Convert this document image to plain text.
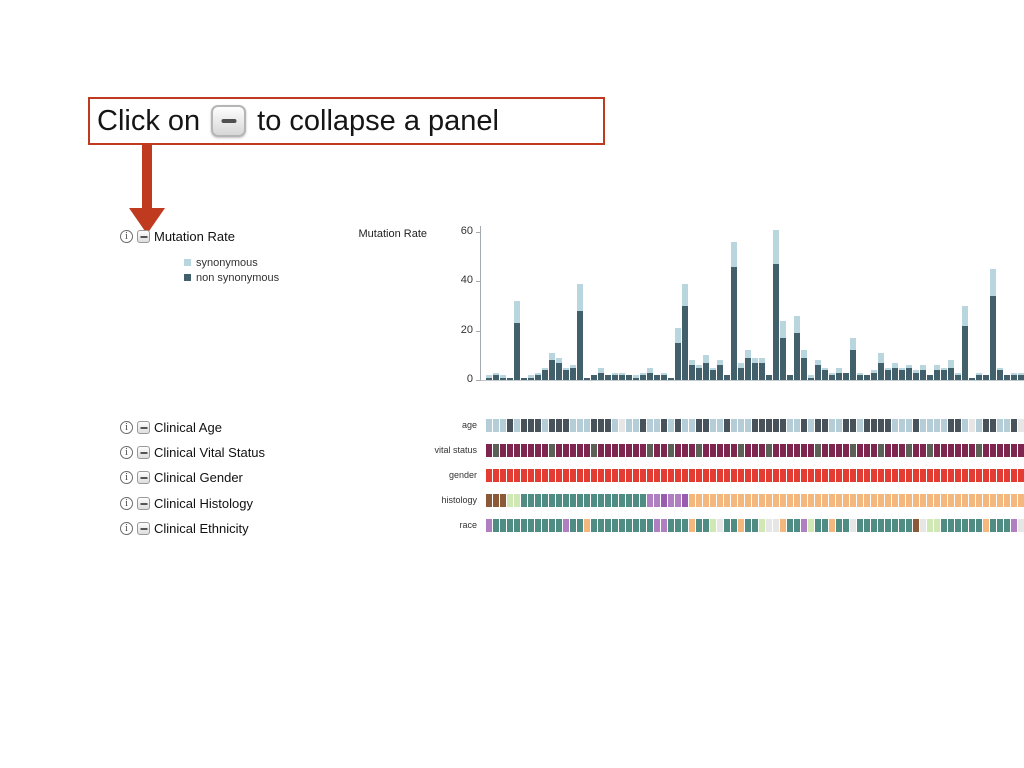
Click on to collapse a panel
i	Mutation Rate
synonymous
non synonymous
i	Clinical Age
i	Clinical Vital Status
i	Clinical Gender
i	Clinical Histology
i	Clinical Ethnicity
Mutation Rate
0
20
40
60
age
vital status
gender
histology
race
